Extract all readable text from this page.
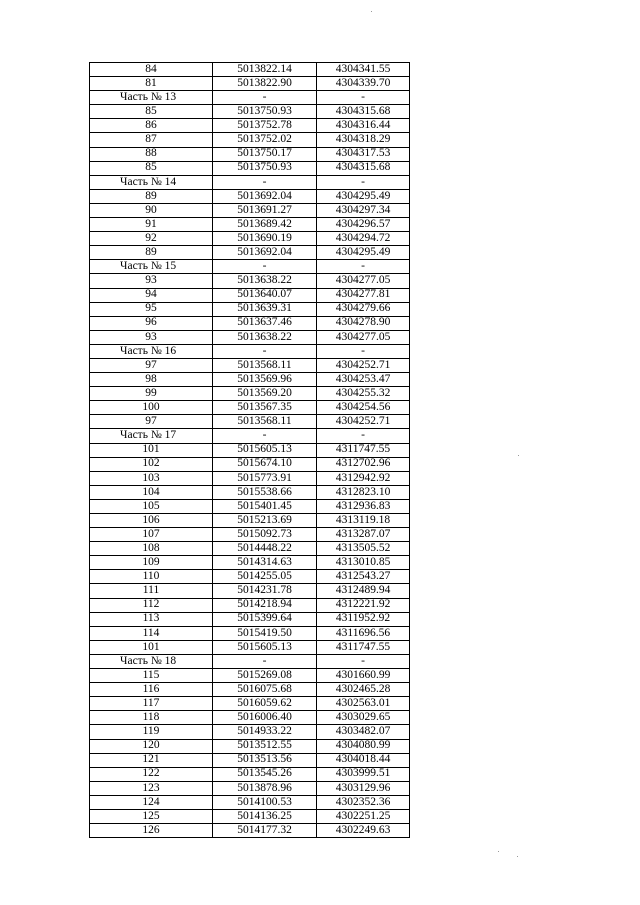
84	5013822.14	4304341.55
81	5013822.90	4304339.70
Часть № 13	-	-
85	5013750.93	4304315.68
86	5013752.78	4304316.44
87	5013752.02	4304318.29
88	5013750.17	4304317.53
85	5013750.93	4304315.68
Часть № 14	-	-
89	5013692.04	4304295.49
90	5013691.27	4304297.34
91	5013689.42	4304296.57
92	5013690.19	4304294.72
89	5013692.04	4304295.49
Часть № 15	-	-
93	5013638.22	4304277.05
94	5013640.07	4304277.81
95	5013639.31	4304279.66
96	5013637.46	4304278.90
93	5013638.22	4304277.05
Часть № 16	-	-
97	5013568.11	4304252.71
98	5013569.96	4304253.47
99	5013569.20	4304255.32
100	5013567.35	4304254.56
97	5013568.11	4304252.71
Часть № 17	-	-
101	5015605.13	4311747.55
102	5015674.10	4312702.96
103	5015773.91	4312942.92
104	5015538.66	4312823.10
105	5015401.45	4312936.83
106	5015213.69	4313119.18
107	5015092.73	4313287.07
108	5014448.22	4313505.52
109	5014314.63	4313010.85
110	5014255.05	4312543.27
111	5014231.78	4312489.94
112	5014218.94	4312221.92
113	5015399.64	4311952.92
114	5015419.50	4311696.56
101	5015605.13	4311747.55
Часть № 18	-	-
115	5015269.08	4301660.99
116	5016075.68	4302465.28
117	5016059.62	4302563.01
118	5016006.40	4303029.65
119	5014933.22	4303482.07
120	5013512.55	4304080.99
121	5013513.56	4304018.44
122	5013545.26	4303999.51
123	5013878.96	4303129.96
124	5014100.53	4302352.36
125	5014136.25	4302251.25
126	5014177.32	4302249.63
